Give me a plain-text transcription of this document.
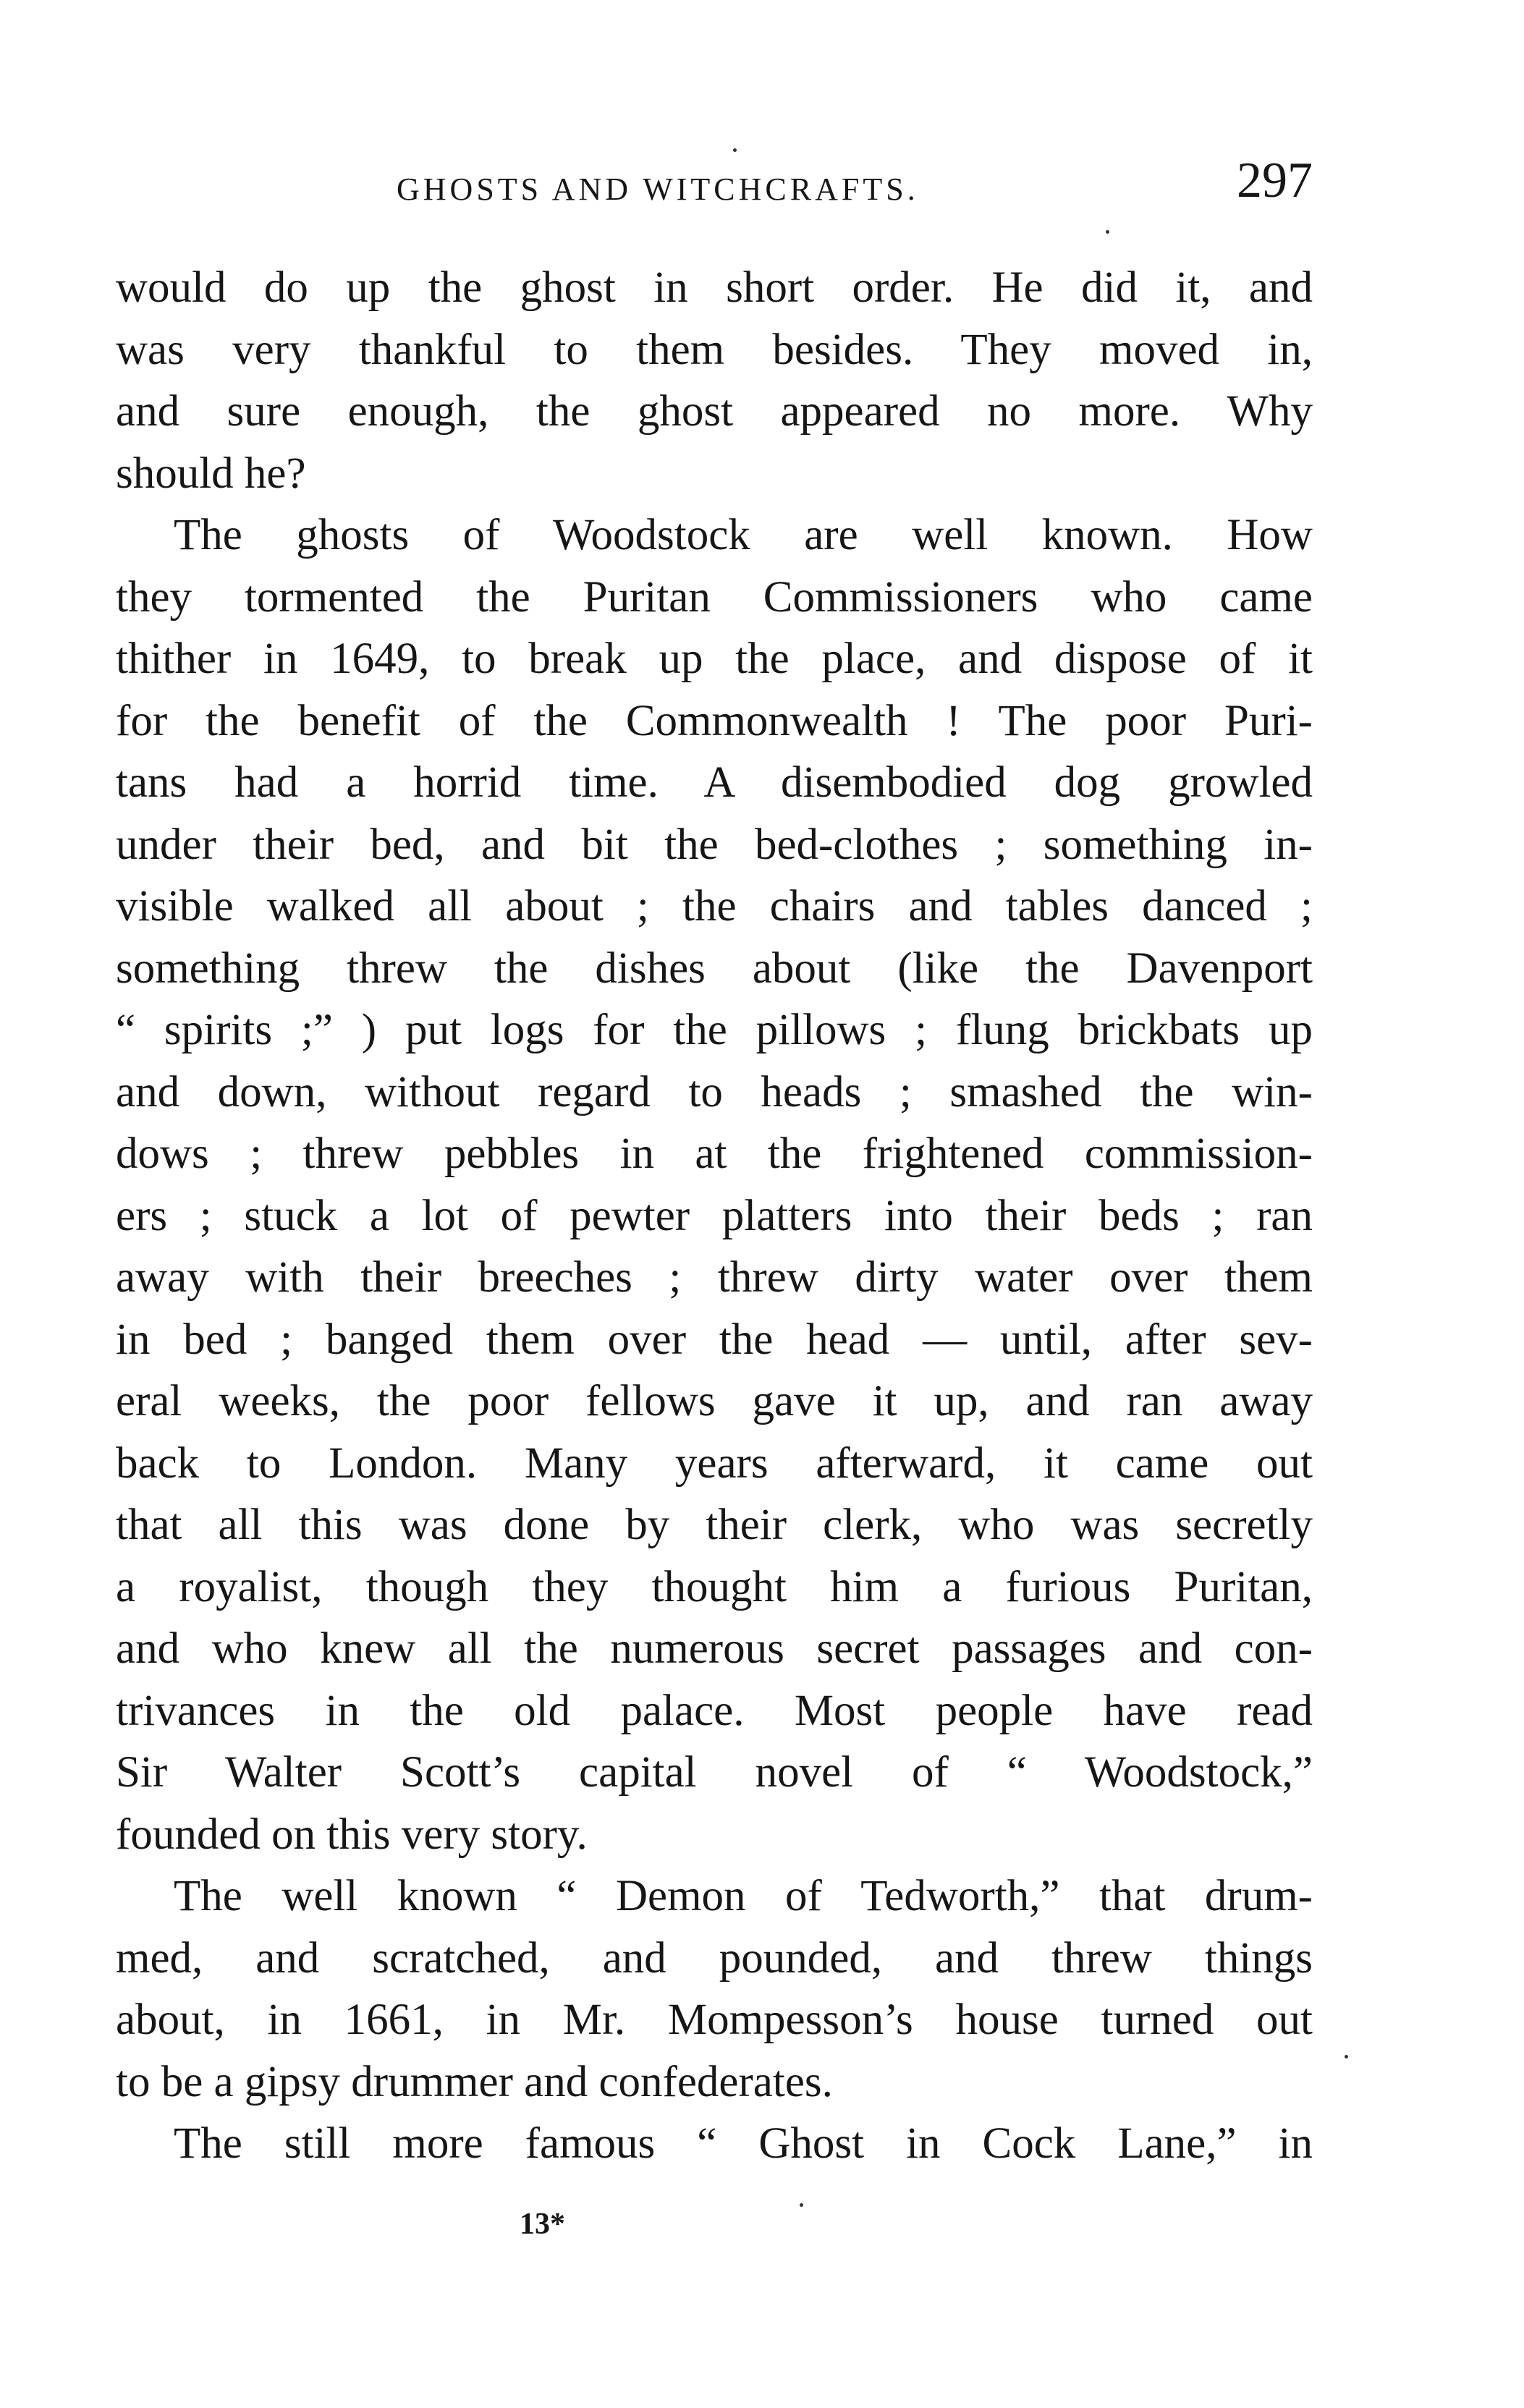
GHOSTS AND WITCHCRAFTS.	297
would do up the ghost in short order. He did it, and
was very thankful to them besides. They moved in,
and sure enough, the ghost appeared no more. Why
should he?
The ghosts of Woodstock are well known. How
they tormented the Puritan Commissioners who came
thither in 1649, to break up the place, and dispose of it
for the benefit of the Commonwealth ! The poor Puri-
tans had a horrid time. A disembodied dog growled
under their bed, and bit the bed-clothes ; something in-
visible walked all about ; the chairs and tables danced ;
something threw the dishes about (like the Davenport
“ spirits ;” ) put logs for the pillows ; flung brickbats up
and down, without regard to heads ; smashed the win-
dows ; threw pebbles in at the frightened commission-
ers ; stuck a lot of pewter platters into their beds ; ran
away with their breeches ; threw dirty water over them
in bed ; banged them over the head — until, after sev-
eral weeks, the poor fellows gave it up, and ran away
back to London. Many years afterward, it came out
that all this was done by their clerk, who was secretly
a royalist, though they thought him a furious Puritan,
and who knew all the numerous secret passages and con-
trivances in the old palace. Most people have read
Sir Walter Scott’s capital novel of “ Woodstock,”
founded on this very story.
The well known “ Demon of Tedworth,” that drum-
med, and scratched, and pounded, and threw things
about, in 1661, in Mr. Mompesson’s house turned out
to be a gipsy drummer and confederates.
The still more famous “ Ghost in Cock Lane,” in
13*
